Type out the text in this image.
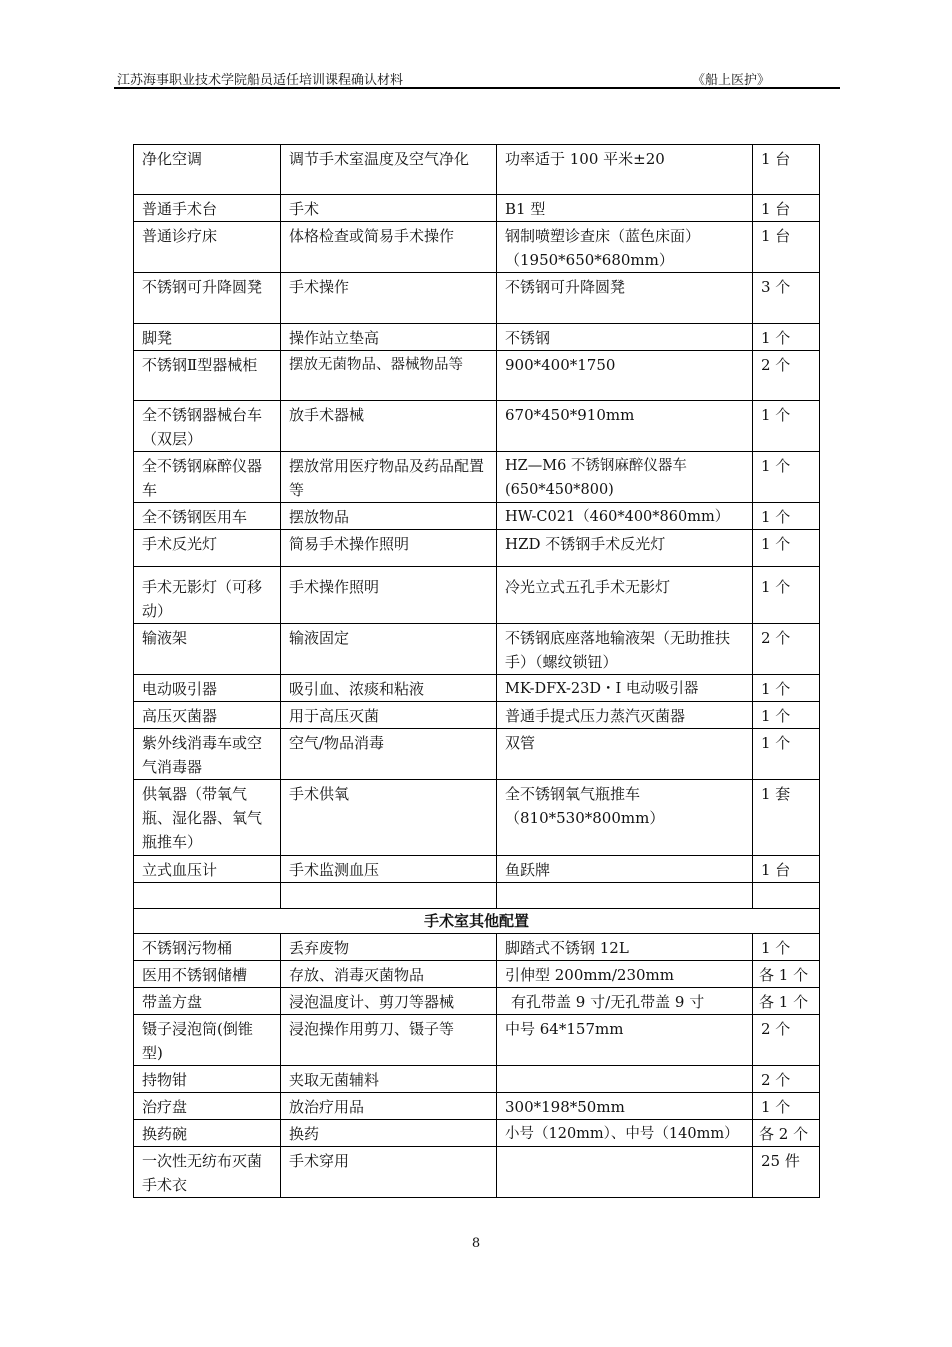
江苏海事职业技术学院船员适任培训课程确认材料	《船上医护》
净化空调	调节手术室温度及空气净化	功率适于 100 平米±20	1 台
普通手术台	手术	B1 型	1 台
普通诊疗床	体格检查或简易手术操作	钢制喷塑诊查床（蓝色床面）（1950*650*680mm）	1 台
不锈钢可升降圆凳	手术操作	不锈钢可升降圆凳	3 个
脚凳	操作站立垫高	不锈钢	1 个
不锈钢Ⅱ型器械柜	摆放无菌物品、器械物品等	900*400*1750	2 个
全不锈钢器械台车（双层）	放手术器械	670*450*910mm	1 个
全不锈钢麻醉仪器车	摆放常用医疗物品及药品配置等	HZ—M6 不锈钢麻醉仪器车(650*450*800)	1 个
全不锈钢医用车	摆放物品	HW-C021（460*400*860mm）	1 个
手术反光灯	简易手术操作照明	HZD 不锈钢手术反光灯	1 个
手术无影灯（可移动）	手术操作照明	冷光立式五孔手术无影灯	1 个
输液架	输液固定	不锈钢底座落地输液架（无助推扶手）（螺纹锁钮）	2 个
电动吸引器	吸引血、浓痰和粘液	MK-DFX-23D・I 电动吸引器	1 个
高压灭菌器	用于高压灭菌	普通手提式压力蒸汽灭菌器	1 个
紫外线消毒车或空气消毒器	空气/物品消毒	双管	1 个
供氧器（带氧气瓶、湿化器、氧气瓶推车）	手术供氧	全不锈钢氧气瓶推车（810*530*800mm）	1 套
立式血压计	手术监测血压	鱼跃牌	1 台

手术室其他配置			
不锈钢污物桶	丢弃废物	脚踏式不锈钢 12L	1 个
医用不锈钢储槽	存放、消毒灭菌物品	引伸型 200mm/230mm	各 1 个
带盖方盘	浸泡温度计、剪刀等器械	有孔带盖 9 寸/无孔带盖 9 寸	各 1 个
镊子浸泡筒(倒锥型)	浸泡操作用剪刀、镊子等	中号 64*157mm	2 个
持物钳	夹取无菌辅料		2 个
治疗盘	放治疗用品	300*198*50mm	1 个
换药碗	换药	小号（120mm）、中号（140mm）	各 2 个
一次性无纺布灭菌手术衣	手术穿用		25 件
8
